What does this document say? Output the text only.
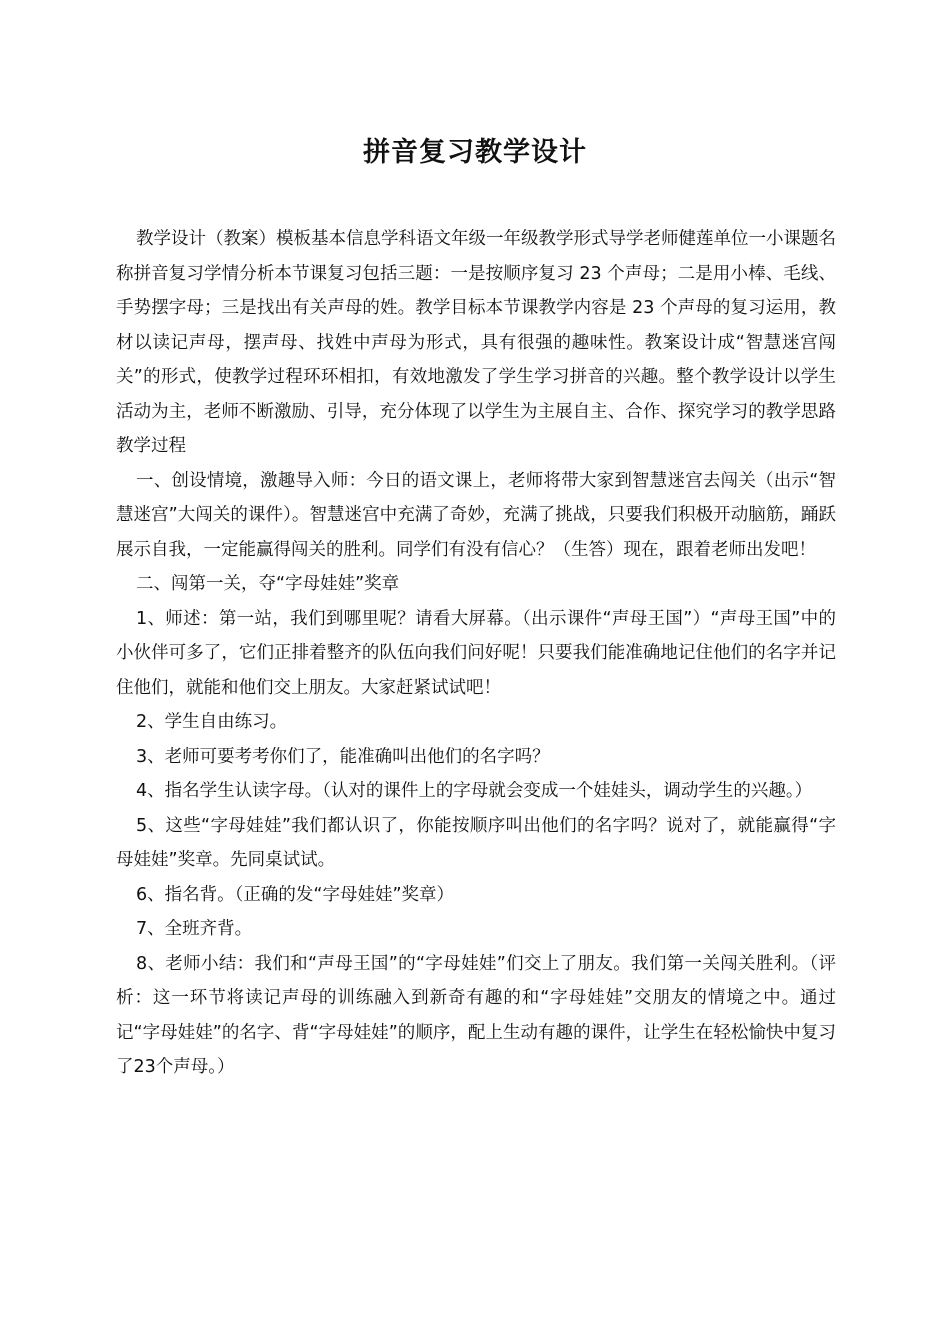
拼音复习教学设计

教学设计（教案）模板基本信息学科语文年级一年级教学形式导学老师健莲单位一小课题名称拼音复习学情分析本节课复习包括三题：一是按顺序复习 23 个声母；二是用小棒、毛线、手势摆字母；三是找出有关声母的姓。教学目标本节课教学内容是 23 个声母的复习运用，教材以读记声母，摆声母、找姓中声母为形式，具有很强的趣味性。教案设计成“智慧迷宫闯关”的形式，使教学过程环环相扣，有效地激发了学生学习拼音的兴趣。整个教学设计以学生活动为主，老师不断激励、引导，充分体现了以学生为主展自主、合作、探究学习的教学思路教学过程

一、创设情境，激趣导入师：今日的语文课上，老师将带大家到智慧迷宫去闯关（出示“智慧迷宫”大闯关的课件）。智慧迷宫中充满了奇妙，充满了挑战，只要我们积极开动脑筋，踊跃展示自我，一定能赢得闯关的胜利。同学们有没有信心？（生答）现在，跟着老师出发吧！

二、闯第一关，夺“字母娃娃”奖章

1、师述：第一站，我们到哪里呢？请看大屏幕。（出示课件“声母王国”）“声母王国”中的小伙伴可多了，它们正排着整齐的队伍向我们问好呢！只要我们能准确地记住他们的名字并记住他们，就能和他们交上朋友。大家赶紧试试吧！

2、学生自由练习。

3、老师可要考考你们了，能准确叫出他们的名字吗？

4、指名学生认读字母。（认对的课件上的字母就会变成一个娃娃头，调动学生的兴趣。）

5、这些“字母娃娃”我们都认识了，你能按顺序叫出他们的名字吗？说对了，就能赢得“字母娃娃”奖章。先同桌试试。

6、指名背。（正确的发“字母娃娃”奖章）

7、全班齐背。

8、老师小结：我们和“声母王国”的“字母娃娃”们交上了朋友。我们第一关闯关胜利。（评析：这一环节将读记声母的训练融入到新奇有趣的和“字母娃娃”交朋友的情境之中。通过记“字母娃娃”的名字、背“字母娃娃”的顺序，配上生动有趣的课件，让学生在轻松愉快中复习了23个声母。）
